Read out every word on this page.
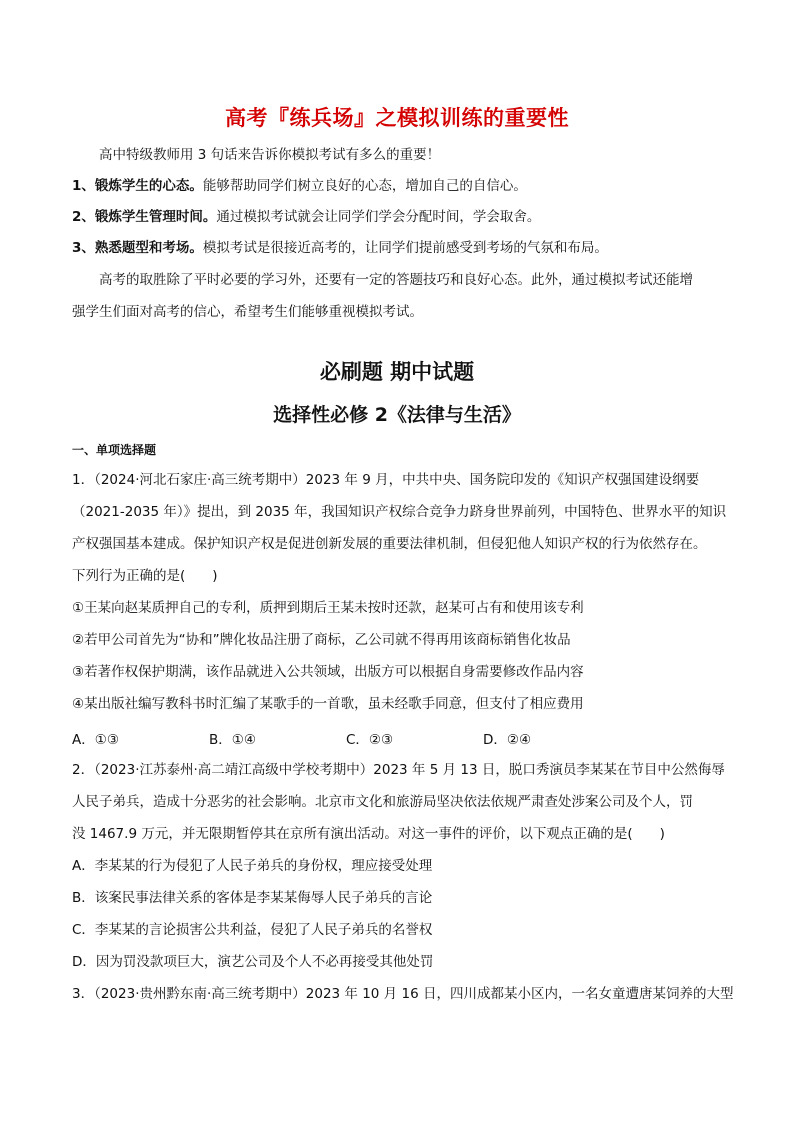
高考『练兵场』之模拟训练的重要性
高中特级教师用 3 句话来告诉你模拟考试有多么的重要！
1、锻炼学生的心态。能够帮助同学们树立良好的心态，增加自己的自信心。
2、锻炼学生管理时间。通过模拟考试就会让同学们学会分配时间，学会取舍。
3、熟悉题型和考场。模拟考试是很接近高考的，让同学们提前感受到考场的气氛和布局。
高考的取胜除了平时必要的学习外，还要有一定的答题技巧和良好心态。此外，通过模拟考试还能增
强学生们面对高考的信心，希望考生们能够重视模拟考试。
必刷题 期中试题
选择性必修 2《法律与生活》
一、单项选择题
1．（2024·河北石家庄·高三统考期中）2023 年 9 月，中共中央、国务院印发的《知识产权强国建设纲要
（2021-2035 年）》提出，到 2035 年，我国知识产权综合竞争力跻身世界前列，中国特色、世界水平的知识
产权强国基本建成。保护知识产权是促进创新发展的重要法律机制，但侵犯他人知识产权的行为依然存在。
下列行为正确的是(　　)
①王某向赵某质押自己的专利，质押到期后王某未按时还款，赵某可占有和使用该专利
②若甲公司首先为“协和”牌化妆品注册了商标，乙公司就不得再用该商标销售化妆品
③若著作权保护期满，该作品就进入公共领域，出版方可以根据自身需要修改作品内容
④某出版社编写教科书时汇编了某歌手的一首歌，虽未经歌手同意，但支付了相应费用
A．①③	B．①④	C．②③	D．②④
2．（2023·江苏泰州·高二靖江高级中学校考期中）2023 年 5 月 13 日，脱口秀演员李某某在节目中公然侮辱
人民子弟兵，造成十分恶劣的社会影响。北京市文化和旅游局坚决依法依规严肃查处涉案公司及个人，罚
没 1467.9 万元，并无限期暂停其在京所有演出活动。对这一事件的评价，以下观点正确的是(　　)
A．李某某的行为侵犯了人民子弟兵的身份权，理应接受处理
B．该案民事法律关系的客体是李某某侮辱人民子弟兵的言论
C．李某某的言论损害公共利益，侵犯了人民子弟兵的名誉权
D．因为罚没款项巨大，演艺公司及个人不必再接受其他处罚
3．（2023·贵州黔东南·高三统考期中）2023 年 10 月 16 日，四川成都某小区内，一名女童遭唐某饲养的大型
